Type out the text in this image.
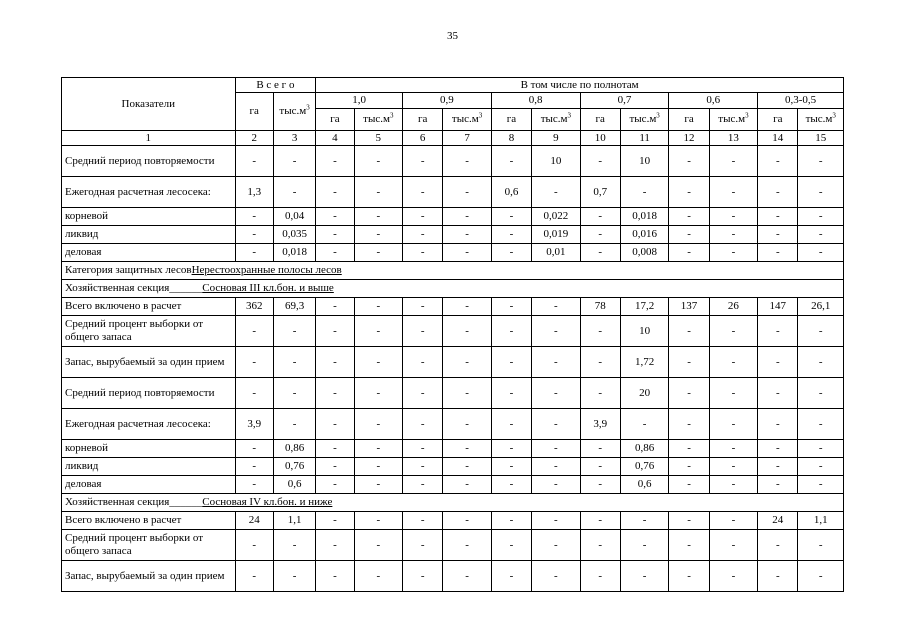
35
Показатели	В с е г о		В том числе по полнотам											
	га	$тыс.м^3$	1,0		0,9		0,8		0,7		0,6		0,3-0,5	
			га	$тыс.м^3$	га	$тыс.м^3$	га	$тыс.м^3$	га	$тыс.м^3$	га	$тыс.м^3$	га	$тыс.м^3$
1	2	3	4	5	6	7	8	9	10	11	12	13	14	15
Средний период повторяемости	-	-	-	-	-	-	-	10	-	10	-	-	-	-
Ежегодная расчетная лесосека:	1,3	-	-	-	-	-	0,6	-	0,7	-	-	-	-	-
корневой	-	0,04	-	-	-	-	-	0,022	-	0,018	-	-	-	-
ликвид	-	0,035	-	-	-	-	-	0,019	-	0,016	-	-	-	-
деловая	-	0,018	-	-	-	-	-	0,01	-	0,008	-	-	-	-
Категория защитных лесовНерестоохранные полосы лесов														
Хозяйственная секция______Сосновая III кл.бон. и выше														
Всего включено в расчет	362	69,3	-	-	-	-	-	-	78	17,2	137	26	147	26,1
Средний процент выборки от общего запаса	-	-	-	-	-	-	-	-	-	10	-	-	-	-
Запас, вырубаемый за один прием	-	-	-	-	-	-	-	-	-	1,72	-	-	-	-
Средний период повторяемости	-	-	-	-	-	-	-	-	-	20	-	-	-	-
Ежегодная расчетная лесосека:	3,9	-	-	-	-	-	-	-	3,9	-	-	-	-	-
корневой	-	0,86	-	-	-	-	-	-	-	0,86	-	-	-	-
ликвид	-	0,76	-	-	-	-	-	-	-	0,76	-	-	-	-
деловая	-	0,6	-	-	-	-	-	-	-	0,6	-	-	-	-
Хозяйственная секция______Сосновая IV кл.бон. и ниже														
Всего включено в расчет	24	1,1	-	-	-	-	-	-	-	-	-	-	24	1,1
Средний процент выборки от общего запаса	-	-	-	-	-	-	-	-	-	-	-	-	-	-
Запас, вырубаемый за один прием	-	-	-	-	-	-	-	-	-	-	-	-	-	-
